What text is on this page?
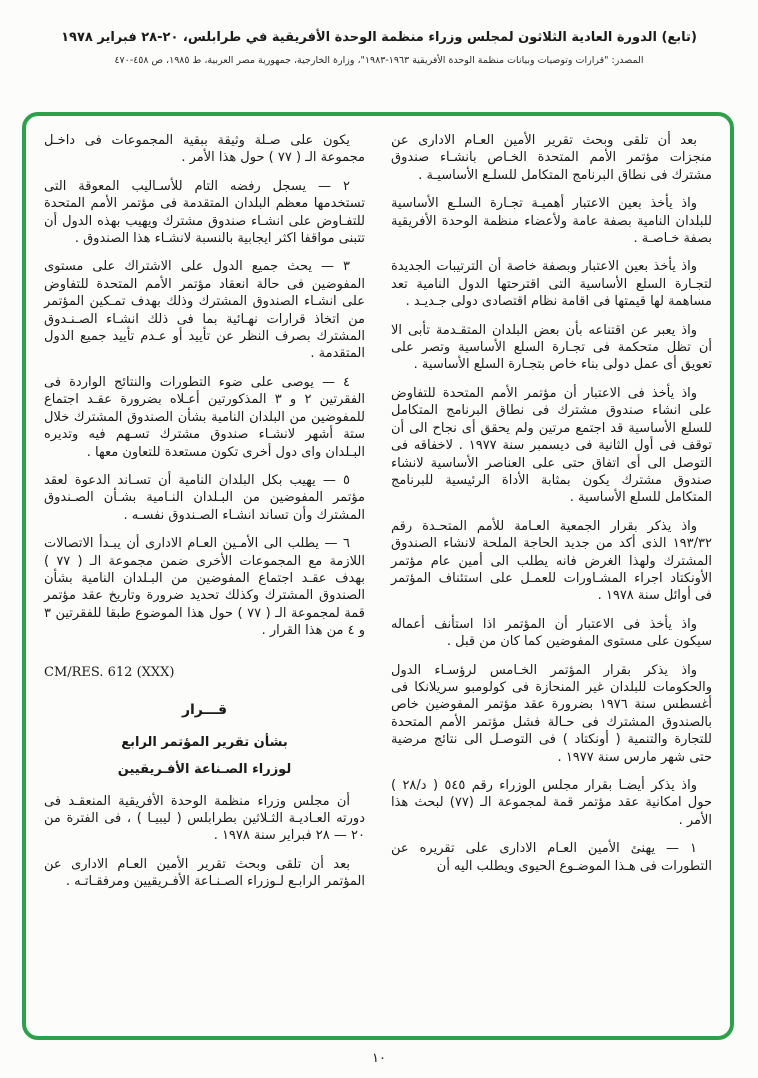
(تابع) الدورة العادية الثلاثون لمجلس وزراء منظمة الوحدة الأفريقية في طرابلس، ٢٠-٢٨ فبراير ١٩٧٨
المصدر: "قرارات وتوصيات وبيانات منظمة الوحدة الأفريقية ١٩٦٣-١٩٨٣"، وزارة الخارجية، جمهورية مصر العربية، ط ١٩٨٥، ص ٤٥٨-٤٧٠

بعد أن تلقى وبحث تقرير الأمين العـام الادارى عن منجزات مؤتمر الأمم المتحدة الخـاص بانشـاء صندوق مشترك فى نطاق البرنامج المتكامل للسلـع الأساسيـة .

واذ يأخذ بعين الاعتبار أهميـة تجـارة السلـع الأساسية للبلدان النامية بصفة عامة ولأعضاء منظمة الوحدة الأفريقية بصفة خـاصـة .

واذ يأخذ بعين الاعتبار وبصفة خاصة أن الترتيبات الجديدة لتجـارة السلع الأساسية التى اقترحتها الدول النامية تعد مساهمة لها قيمتها فى اقامة نظام اقتصادى دولى جـديـد .

واذ يعبر عن اقتناعه بأن بعض البلدان المتقـدمة تأبى الا أن تظل متحكمة فى تجـارة السلع الأساسية وتصر على تعويق أى عمل دولى بناء خاص بتجـارة السلع الأساسية .

واذ يأخذ فى الاعتبار أن مؤتمر الأمم المتحدة للتفاوض على انشاء صندوق مشترك فى نطاق البرنامج المتكامل للسلع الأساسية قد اجتمع مرتين ولم يحقق أى نجاح الى أن توقف فى أول الثانية فى ديسمبر سنة ١٩٧٧ . لاخفاقه فى التوصل الى أى اتفاق حتى على العناصر الأساسية لانشاء صندوق مشترك يكون بمثابة الأداة الرئيسية للبرنامج المتكامل للسلع الأساسية .

واذ يذكر بقرار الجمعية العـامة للأمم المتحـدة رقم ١٩٣/٣٢ الذى أكد من جديد الحاجة الملحة لانشاء الصندوق المشترك ولهذا الغرض فانه يطلب الى أمين عام مؤتمر الأونكتاد اجراء المشـاورات للعمـل على استئناف المؤتمر فى أوائل سنة ١٩٧٨ .

واذ يأخذ فى الاعتبار أن المؤتمر اذا استأنف أعماله سيكون على مستوى المفوضين كما كان من قبل .

واذ يذكر بقرار المؤتمر الخـامس لرؤسـاء الدول والحكومات للبلدان غير المنحازة فى كولومبو سريلانكا فى أغسطس سنة ١٩٧٦ بضرورة عقد مؤتمر المفوضين خاص بالصندوق المشترك فى حـالة فشل مؤتمر الأمم المتحدة للتجارة والتنمية ( أونكتاد ) فى التوصـل الى نتائج مرضية حتى شهر مارس سنة ١٩٧٧ .

واذ يذكر أيضـا بقرار مجلس الوزراء رقم ٥٤٥ ( د/٢٨ ) حول امكانية عقد مؤتمر قمة لمجموعة الـ (٧٧) لبحث هذا الأمر .

١ — يهنئ الأمين العـام الادارى على تقريره عن التطورات فى هـذا الموضـوع الحيوى ويطلب اليه أن

يكون على صـلة وثيقة ببقية المجموعات فى داخـل مجموعة الـ ( ٧٧ ) حول هذا الأمر .

٢ — يسجل رفضه التام للأسـاليب المعوقة التى تستخدمها معظم البلدان المتقدمة فى مؤتمر الأمم المتحدة للتفـاوض على انشـاء صندوق مشترك ويهيب بهذه الدول أن تتبنى مواقفا اكثر ايجابية بالنسبة لانشـاء هذا الصندوق .

٣ — يحث جميع الدول على الاشتراك على مستوى المفوضين فى حالة انعقاد مؤتمر الأمم المتحدة للتفاوض على انشـاء الصندوق المشترك وذلك بهدف تمـكين المؤتمر من اتخاذ قرارات نهـائية بما فى ذلك انشـاء الصـنـدوق المشترك بصرف النظر عن تأييد أو عـدم تأييد جميع الدول المتقدمة .

٤ — يوصى على ضوء التطورات والنتائج الواردة فى الفقرتين ٢ و ٣ المذكورتين أعـلاه بضرورة عقـد اجتماع للمفوضين من البلدان النامية بشأن الصندوق المشترك خلال ستة أشهر لانشـاء صندوق مشترك تسـهم فيه وتديره البـلدان واى دول أخرى تكون مستعدة للتعاون معها .

٥ — يهيب بكل البلدان النامية أن تسـاند الدعوة لعقد مؤتمر المفوضين من البـلدان النـامية بشـأن الصـندوق المشترك وأن تساند انشـاء الصـندوق نفسـه .

٦ — يطلب الى الأمـين العـام الادارى أن يبـدأ الاتصالات اللازمة مع المجموعات الأخرى ضمن مجموعة الـ ( ٧٧ ) بهدف عقـد اجتماع المفوضين من البـلدان النامية بشأن الصندوق المشترك وكذلك تحديد ضرورة وتاريخ عقد مؤتمر قمة لمجموعة الـ ( ٧٧ ) حول هذا الموضوع طبقا للفقرتين ٣ و ٤ من هذا القرار .

CM/RES. 612 (XXX)

قـــرار

بشأن تقرير المؤتمر الرابع

لوزراء الصـناعة الأفـريقيين

أن مجلس وزراء منظمة الوحدة الأفريقية المنعقـد فى دورته العـاديـة الثـلاثين بطرابلس ( ليبيـا ) ، فى الفترة من ٢٠ — ٢٨ فبراير سنة ١٩٧٨ .

بعد أن تلقى وبحث تقرير الأمين العـام الادارى عن المؤتمر الرابـع لـوزراء الصـنـاعة الأفـريقيين ومرفقـاتـه .

١٠
